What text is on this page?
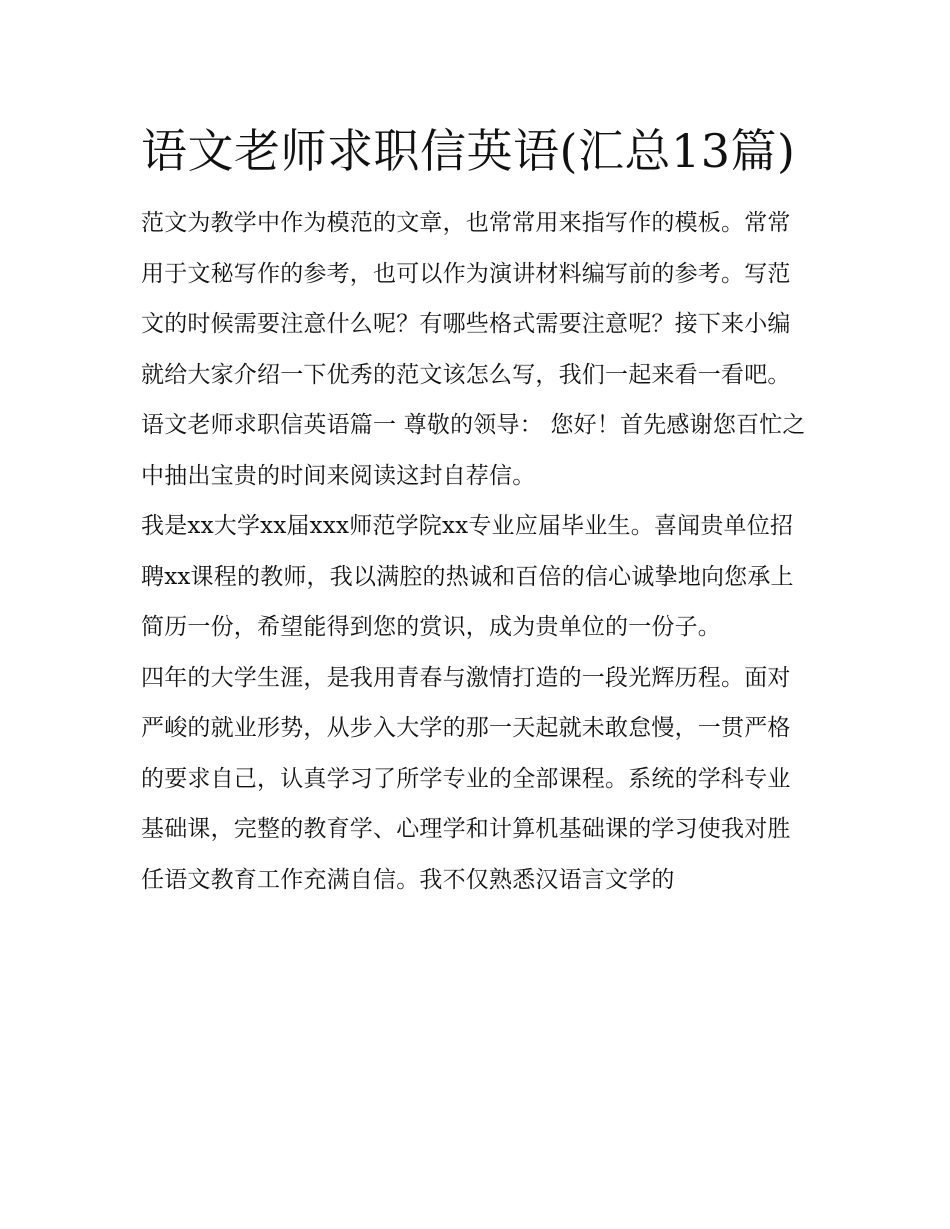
语文老师求职信英语(汇总13篇)

范文为教学中作为模范的文章，也常常用来指写作的模板。常常用于文秘写作的参考，也可以作为演讲材料编写前的参考。写范文的时候需要注意什么呢？有哪些格式需要注意呢？接下来小编就给大家介绍一下优秀的范文该怎么写，我们一起来看一看吧。

语文老师求职信英语篇一 尊敬的领导： 您好！首先感谢您百忙之中抽出宝贵的时间来阅读这封自荐信。

我是xx大学xx届xxx师范学院xx专业应届毕业生。喜闻贵单位招聘xx课程的教师，我以满腔的热诚和百倍的信心诚挚地向您承上简历一份，希望能得到您的赏识，成为贵单位的一份子。

四年的大学生涯，是我用青春与激情打造的一段光辉历程。面对严峻的就业形势，从步入大学的那一天起就未敢怠慢，一贯严格的要求自己，认真学习了所学专业的全部课程。系统的学科专业基础课，完整的教育学、心理学和计算机基础课的学习使我对胜任语文教育工作充满自信。我不仅熟悉汉语言文学的
